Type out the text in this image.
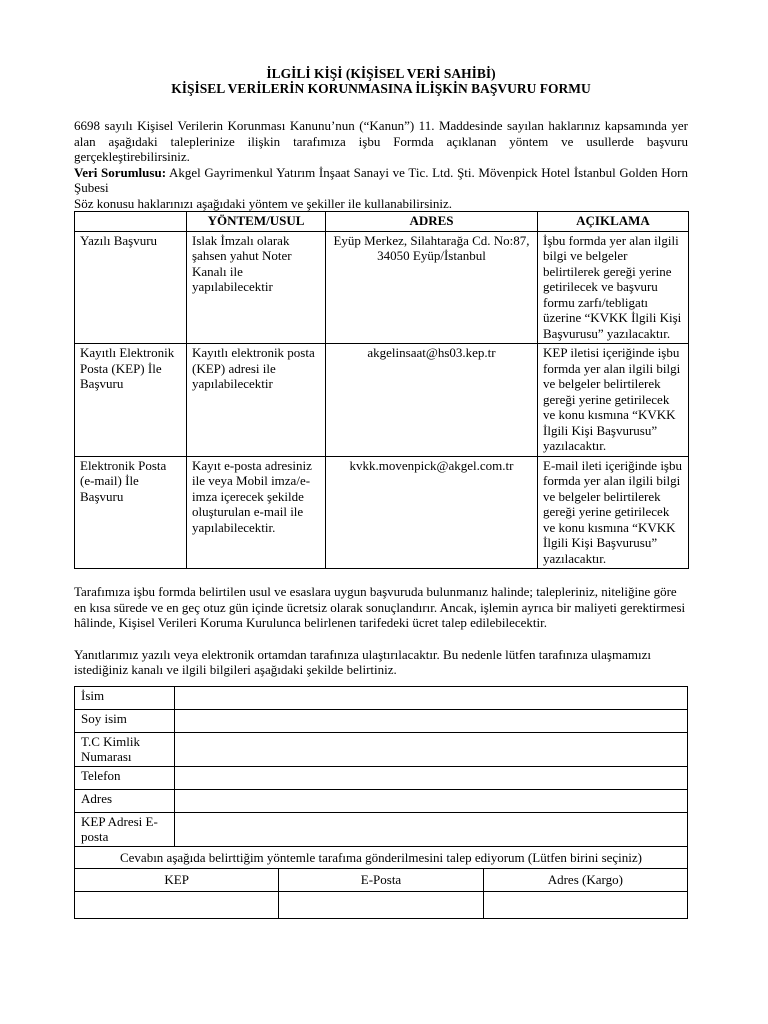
İLGİLİ KİŞİ (KİŞİSEL VERİ SAHİBİ)

KİŞİSEL VERİLERİN KORUNMASINA İLİŞKİN BAŞVURU FORMU

6698 sayılı Kişisel Verilerin Korunması Kanunu’nun (“Kanun”) 11. Maddesinde sayılan haklarınız kapsamında yer alan aşağıdaki taleplerinize ilişkin tarafımıza işbu Formda açıklanan yöntem ve usullerde başvuru gerçekleştirebilirsiniz.

Veri Sorumlusu: Akgel Gayrimenkul Yatırım İnşaat Sanayi ve Tic. Ltd. Şti. Mövenpick Hotel İstanbul Golden Horn Şubesi

Söz konusu haklarınızı aşağıdaki yöntem ve şekiller ile kullanabilirsiniz.

	YÖNTEM/USUL	ADRES	AÇIKLAMA
Yazılı Başvuru	Islak İmzalı olarak şahsen yahut Noter Kanalı ile yapılabilecektir	Eyüp Merkez, Silahtarağa Cd. No:87, 34050 Eyüp/İstanbul	İşbu formda yer alan ilgili bilgi ve belgeler belirtilerek gereği yerine getirilecek ve başvuru formu zarfı/tebligatı üzerine “KVKK İlgili Kişi Başvurusu” yazılacaktır.
Kayıtlı Elektronik Posta (KEP) İle Başvuru	Kayıtlı elektronik posta (KEP) adresi ile yapılabilecektir	akgelinsaat@hs03.kep.tr	KEP iletisi içeriğinde işbu formda yer alan ilgili bilgi ve belgeler belirtilerek gereği yerine getirilecek ve konu kısmına “KVKK İlgili Kişi Başvurusu” yazılacaktır.
Elektronik Posta (e-mail) İle Başvuru	Kayıt e-posta adresiniz ile veya Mobil imza/e-imza içerecek şekilde oluşturulan e-mail ile yapılabilecektir.	kvkk.movenpick@akgel.com.tr	E-mail ileti içeriğinde işbu formda yer alan ilgili bilgi ve belgeler belirtilerek gereği yerine getirilecek ve konu kısmına “KVKK İlgili Kişi Başvurusu” yazılacaktır.

Tarafımıza işbu formda belirtilen usul ve esaslara uygun başvuruda bulunmanız halinde; talepleriniz, niteliğine göre en kısa sürede ve en geç otuz gün içinde ücretsiz olarak sonuçlandırır. Ancak, işlemin ayrıca bir maliyeti gerektirmesi hâlinde, Kişisel Verileri Koruma Kurulunca belirlenen tarifedeki ücret talep edilebilecektir.

Yanıtlarımız yazılı veya elektronik ortamdan tarafınıza ulaştırılacaktır. Bu nedenle lütfen tarafınıza ulaşmamızı istediğiniz kanalı ve ilgili bilgileri aşağıdaki şekilde belirtiniz.

İsim	
Soy isim	
T.C Kimlik Numarası	
Telefon	
Adres	
KEP Adresi E-posta	
Cevabın aşağıda belirttiğim yöntemle tarafıma gönderilmesini talep ediyorum (Lütfen birini seçiniz)		
KEP	E-Posta	Adres (Kargo)
